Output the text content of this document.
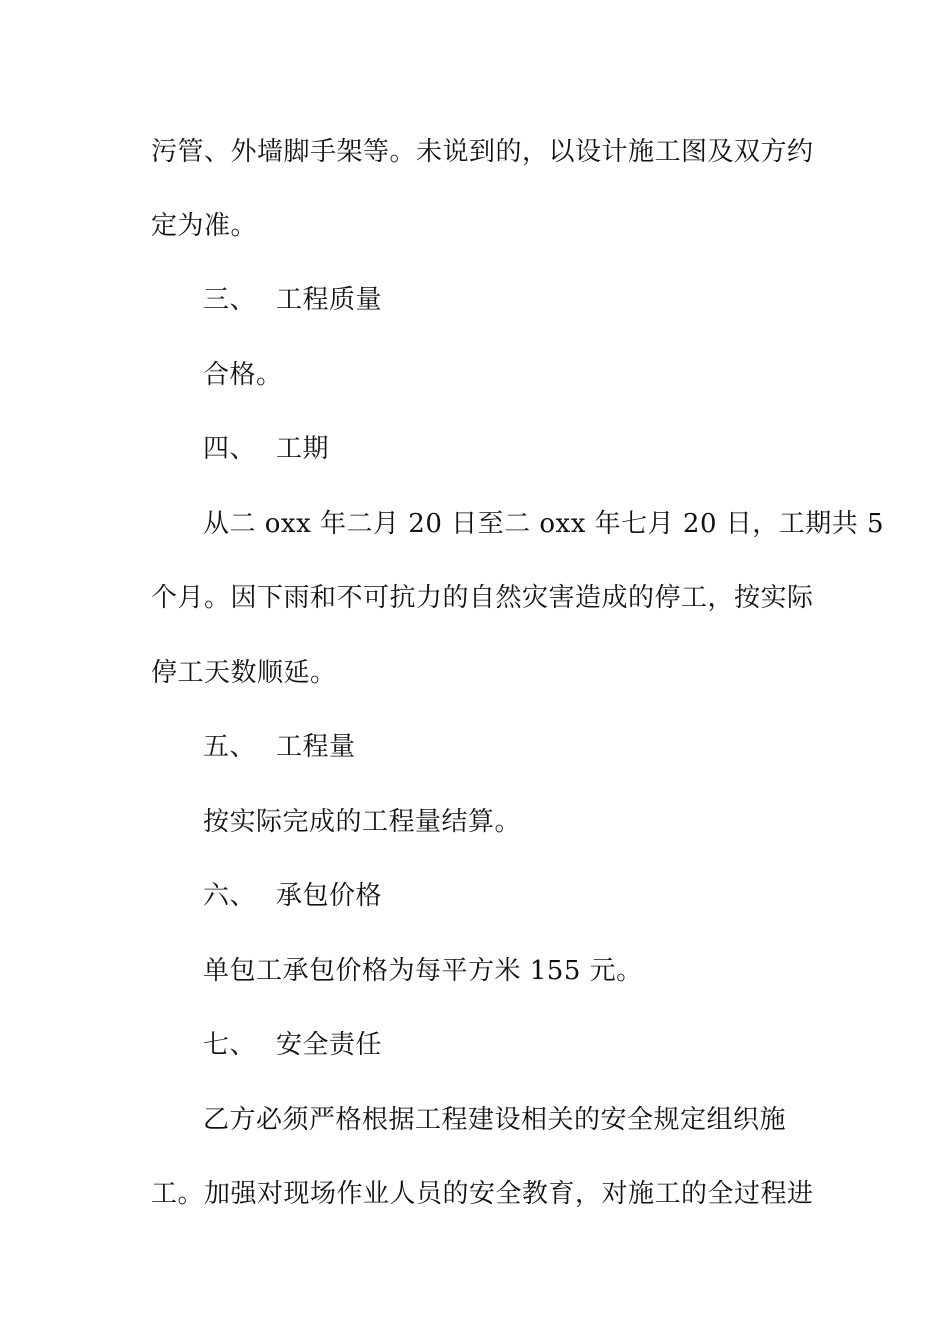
污管、外墙脚手架等。未说到的，以设计施工图及双方约
定为准。
三、 工程质量
合格。
四、 工期
从二 oxx 年二月 20 日至二 oxx 年七月 20 日，工期共 5
个月。因下雨和不可抗力的自然灾害造成的停工，按实际
停工天数顺延。
五、 工程量
按实际完成的工程量结算。
六、 承包价格
单包工承包价格为每平方米 155 元。
七、 安全责任
乙方必须严格根据工程建设相关的安全规定组织施
工。加强对现场作业人员的安全教育，对施工的全过程进
